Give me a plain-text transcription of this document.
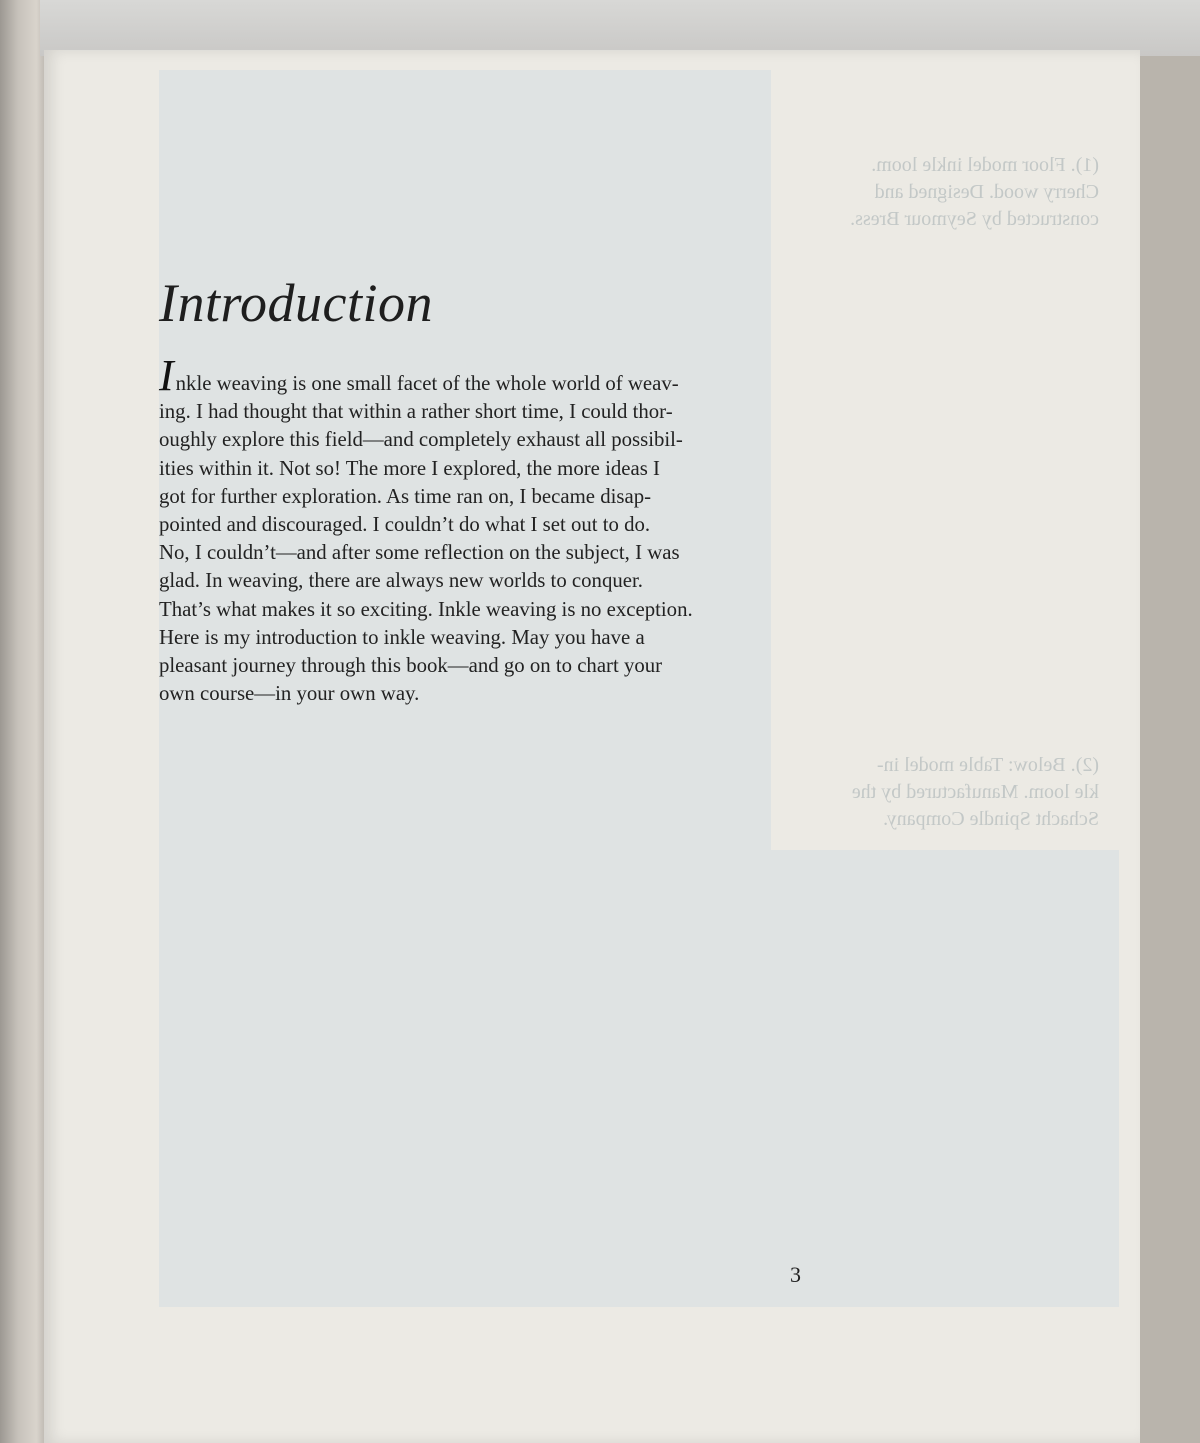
(1). Floor model inkle loom.
Cherry wood. Designed and
constructed by Seymour Bress.
(2). Below: Table model in-
kle loom. Manufactured by the
Schacht Spindle Company.
Introduction

Inkle weaving is one small facet of the whole world of weav-
ing. I had thought that within a rather short time, I could thor-
oughly explore this field—and completely exhaust all possibil-
ities within it. Not so! The more I explored, the more ideas I
got for further exploration. As time ran on, I became disap-
pointed and discouraged. I couldn’t do what I set out to do.
No, I couldn’t—and after some reflection on the subject, I was
glad. In weaving, there are always new worlds to conquer.
That’s what makes it so exciting. Inkle weaving is no exception.

Here is my introduction to inkle weaving. May you have a
pleasant journey through this book—and go on to chart your
own course—in your own way.

3
